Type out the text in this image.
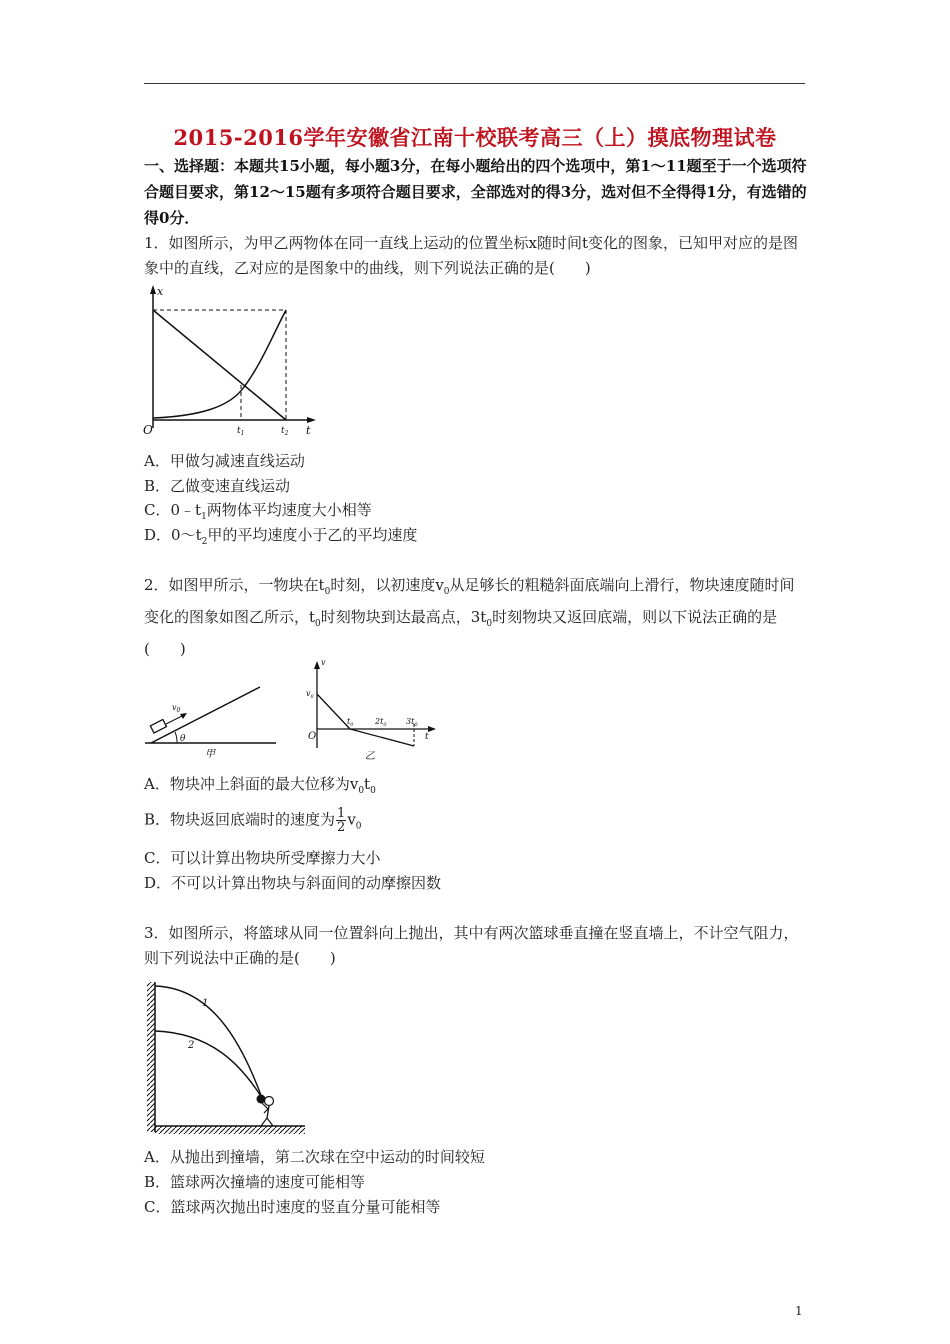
2015-2016学年安徽省江南十校联考高三（上）摸底物理试卷
一、选择题：本题共15小题，每小题3分，在每小题给出的四个选项中，第1～11题至于一个选项符合题目要求，第12～15题有多项符合题目要求，全部选对的得3分，选对但不全得得1分，有选错的得0分．
1．如图所示，为甲乙两物体在同一直线上运动的位置坐标x随时间t变化的图象，已知甲对应的是图象中的直线，乙对应的是图象中的曲线，则下列说法正确的是(　　)
x
O	$t_1$	$t_2$ t
A．甲做匀减速直线运动
B．乙做变速直线运动
C．$0﹣t_1$两物体平均速度大小相等
D．$0\sim t_2$甲的平均速度小于乙的平均速度
2．如图甲所示，一物块在$t_0$时刻，以初速度$v_0$从足够长的粗糙斜面底端向上滑行，物块速度随时间变化的图象如图乙所示，$t_0$时刻物块到达最高点，$3t_0$时刻物块又返回底端，则以下说法正确的是(　　)
$v_0$
θ
甲
v
$v_0$
O
$t_0$	$2t_0$ $3t_0$
t
乙
A．物块冲上斜面的最大位移为$v_0t_0$
B．物块返回底端时的速度为 $\frac{1}{2} v_0$
C．可以计算出物块所受摩擦力大小
D．不可以计算出物块与斜面间的动摩擦因数
3．如图所示，将篮球从同一位置斜向上抛出，其中有两次篮球垂直撞在竖直墙上，不计空气阻力，则下列说法中正确的是(　　)
1
2
A．从抛出到撞墙，第二次球在空中运动的时间较短
B．篮球两次撞墙的速度可能相等
C．篮球两次抛出时速度的竖直分量可能相等
1
